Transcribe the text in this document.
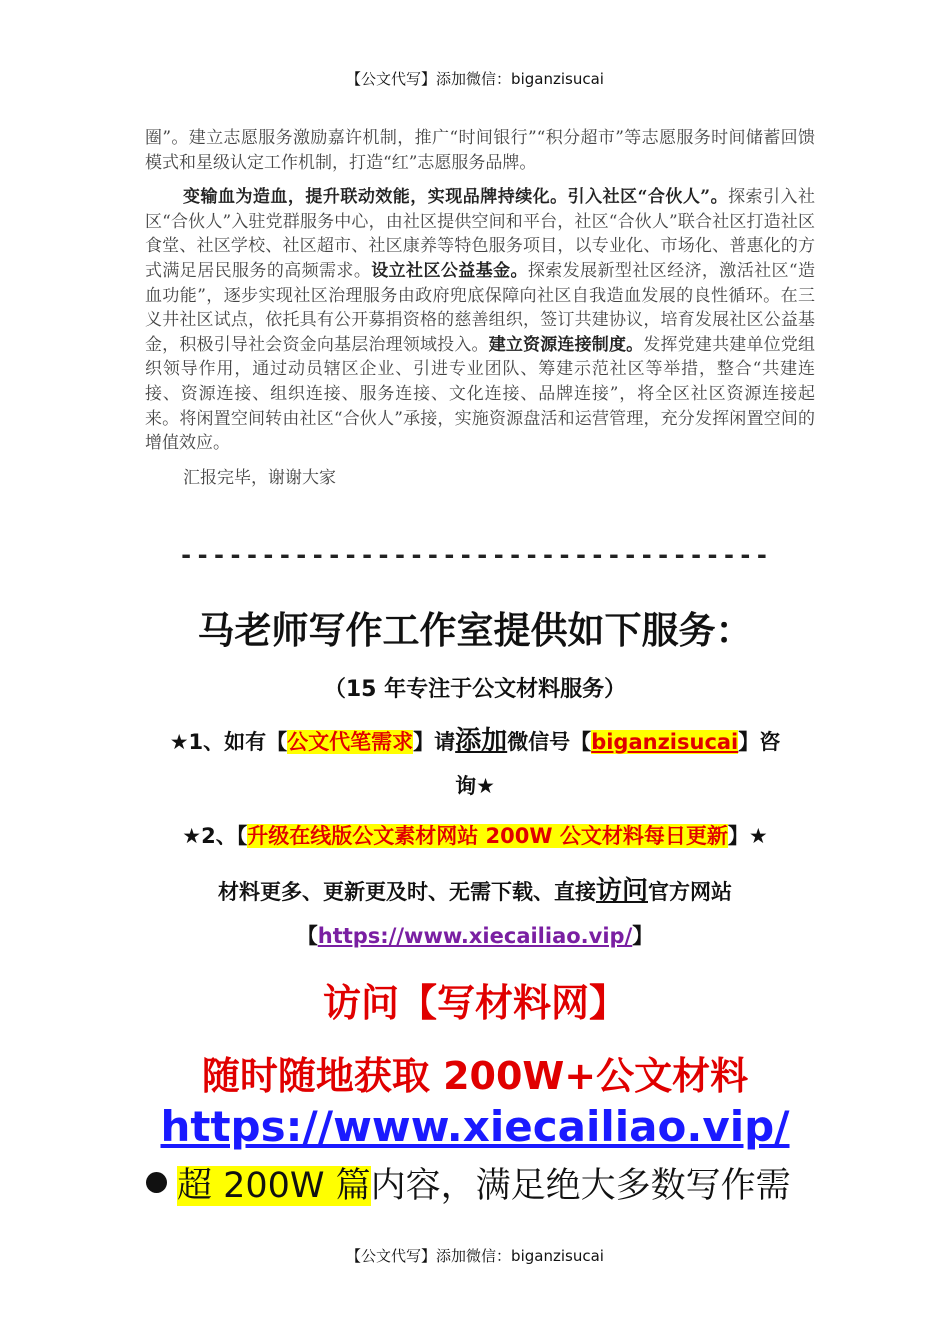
【公文代写】添加微信：biganzisucai

圈”。建立志愿服务激励嘉许机制，推广“时间银行”“积分超市”等志愿服务时间储蓄回馈模式和星级认定工作机制，打造“红”志愿服务品牌。

变输血为造血，提升联动效能，实现品牌持续化。引入社区“合伙人”。探索引入社区“合伙人”入驻党群服务中心，由社区提供空间和平台，社区“合伙人”联合社区打造社区食堂、社区学校、社区超市、社区康养等特色服务项目，以专业化、市场化、普惠化的方式满足居民服务的高频需求。设立社区公益基金。探索发展新型社区经济，激活社区“造血功能”，逐步实现社区治理服务由政府兜底保障向社区自我造血发展的良性循环。在三义井社区试点，依托具有公开募捐资格的慈善组织，签订共建协议，培育发展社区公益基金，积极引导社会资金向基层治理领域投入。建立资源连接制度。发挥党建共建单位党组织领导作用，通过动员辖区企业、引进专业团队、筹建示范社区等举措，整合“共建连接、资源连接、组织连接、服务连接、文化连接、品牌连接”，将全区社区资源连接起来。将闲置空间转由社区“合伙人”承接，实施资源盘活和运营管理，充分发挥闲置空间的增值效应。

汇报完毕，谢谢大家

------------------------------------
马老师写作工作室提供如下服务：
（15 年专注于公文材料服务）
★1、如有【公文代笔需求】请添加微信号【biganzisucai】咨
询★
★2、【升级在线版公文素材网站 200W 公文材料每日更新】★
材料更多、更新更及时、无需下载、直接访问官方网站
【https://www.xiecailiao.vip/】
访问【写材料网】
随时随地获取 200W+公文材料
https://www.xiecailiao.vip/
超 200W 篇内容，满足绝大多数写作需
【公文代写】添加微信：biganzisucai
